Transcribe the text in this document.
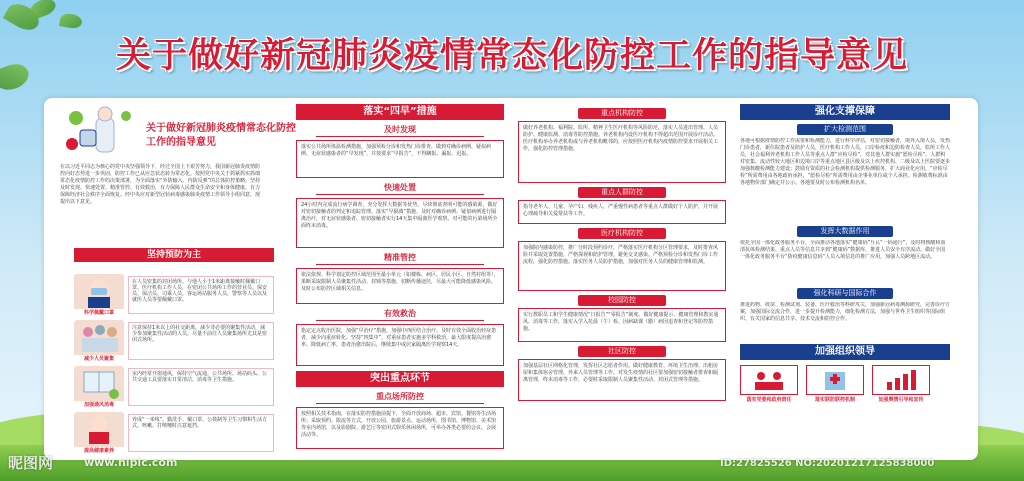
关于做好新冠肺炎疫情常态化防控工作的指导意见
关于做好新冠肺炎疫情常态化防控工作的指导意见
在以习近平同志为核心的党中央坚强领导下，经过全国上下艰苦努力，我国新冠肺炎疫情防控向好态势进一步巩固，防控工作已从应急状态转为常态化。按照党中央关于抓紧抓实抓细常态化疫情防控工作的决策部署，为全面落实“外防输入、内防反弹”的总体防控策略，坚持及时发现、快速处置、精准管控、有效救治，有力保障人民群众生命安全和身体健康，有力保障经济社会秩序全面恢复。经中央应对新型冠状病毒感染肺炎疫情工作领导小组同意，现提出以下意见。
坚持预防为主
科学佩戴口罩
在人员密集的封闭场所、与他人小于1米距离接触时佩戴口罩。医疗机构工作人员，在密闭公共场所工作的营业员、保安员、保洁员、司乘人员、客运场站服务人员、警察等人员以及就医人员等要佩戴口罩。
减少人员聚集
注意保持1米以上的社交距离。减少非必要的聚集性活动，减少参加聚集性活动的人员。尽量不前往人员聚集场所尤其是密闭式场所。
加强通风消毒
室内经常开窗通风，保持空气流通。公共场所、场站码头、公共交通工具要落实日常清洁、消毒等卫生措施。
提高健康素养
养成“一米线”、勤洗手、戴口罩、公筷制等卫生习惯和生活方式。咳嗽、打喷嚏时注意遮挡。
落实“四早”措施
及时发现
落实公共场所体温检测措施，加强预检分诊和发热门诊排查，做到对确诊病例、疑似病例、无症状感染者的“早发现”，并按要求“早报告”，不得瞒报、漏报、迟报。
快速处置
24小时内完成流行病学调查，充分发挥大数据等优势，尽快彻底查明可能的感染源，做好对密切接触者的判定和追踪管理。落实“早隔离”措施，及时对确诊病例、疑似病例进行隔离治疗，对无症状感染者、密切接触者实行14天集中隔离医学观察。对可能的污染场所全面终末消毒。
精准管控
依法依规、科学划定防控区域范围至最小单元（如楼栋、病区、居民小区、自然村组等），果断采取限制人员聚集性活动、封锁等措施，切断传播途径，尽最大可能降低感染风险。及时公布防控区域相关信息。
有效救治
指定定点收治医院，加强“早治疗”措施，加强中西医结合治疗。及时有效全面收治轻症患者，减少向重症转化。坚持“四集中”，对重症患者实施多学科救治，最大限度提高治愈率、降低病亡率。患者治愈出院后，继续集中或居家隔离医学观察14天。
突出重点环节
重点场所防控
按照相关技术指南，在落实防控措施前提下，全面开放商场、超市、宾馆、餐馆等生活场所；采取预约、限流等方式，开放公园、旅游景点、运动场所，图书馆、博物馆、美术馆等室内场馆，以及影剧院、游艺厅等密闭式娱乐休闲场所，可举办各类必要的会议、会展活动等。
重点机构防控
做好养老机构、福利院、监所、精神卫生医疗机构等风险防范，落实人员进出管理、人员防护、健康监测、消毒等防控措施。养老机构内设医疗机构不得超出范围开展诊疗活动。医疗机构举办养老机构或与养老机构毗邻的，应按照医疗机构内疫情防控要求开展相关工作，强化防控管理措施。
重点人群防控
指导老年人、儿童、孕产妇、残疾人、严重慢性病患者等重点人群做好个人防护，并开展心理疏导和关爱帮扶等工作。
医疗机构防控
加强院内感染防控，推广分时段预约诊疗，严格落实医疗机构分区管理要求，及时排查风险并采取处置措施，严格探视和陪护管理，避免交叉感染。严格预检分诊和发热门诊工作流程，强化防控措施。落实医务人员防护措施，加强对医务人员的健康管理和监测。
校园防控
实行教职员工和学生健康情况“日报告”“零报告”制度。做好健康提示、健康管理和教室通风、消毒等工作，落实入学入托晨（午）检、因病缺课（勤）病因追查和登记等防控措施。
社区防控
加强基层社区网格化管理，发挥社区志愿者作用。做好健康教育、环境卫生治理、出租房屋和集体宿舍管理、外来人员管理等工作。对发生疫情的社区要加强密切接触者排查和隔离管理，终末消毒等工作，必要时采取限制人员聚集性活动、封闭式管理等措施。
强化支撑保障
扩大检测范围
各地可根据疫情防控工作需要和检测能力，进行科学评估，对密切接触者，境外入境人员，发热门诊患者，新住院患者及陪护人员，医疗机构工作人员，口岸检疫和边防检查人员，监所工作人员，社会福利养老机构工作人员等重点人群“应检尽检”。对其他人群实施“愿检尽检”。人群积对密集、流动性较大地区和边境口岸等重点地区县区级及以上疾控机构、二级及以上医院要逐步加强核酸检测能力建设；鼓励有资质的社会检测机构提供检测服务，扩大商业化应用。“应检尽检”所需费用由各地政府承担，“愿检尽检”所需费用由企事业单位或个人承担。检测收费标准由各地物价部门确定并公示。各地要及时公布检测机构名单。
发挥大数据作用
依托全国一体化政务服务平台，全面推动各地落实“健康码”互认“一码通行”，及时将核酸和血清抗体检测结果、重点人员等信息共享到“健康码”数据库，推进人员安全有序流动。做好全国一体化政务服务平台“防疫健康信息码”人员入境信息的推广应用，加强人员跨地区流动。
强化科研与国际合作
推进药物、疫苗、检测试剂、装备、医疗救治等科研攻关，加强新冠病毒溯源研究，完善诊疗方案，加强国际交流合作，进一步提升检测能力，细化检测方法，加强与世界卫生组织等国际组织、有关国家的信息共享、技术交流和防控合作。
加强组织领导
落实党委和政府责任	落实联防联控机制	加强舆情引导和宣传
昵图网	www.nipic.com	ID:27825526 NO:20201217125838000
